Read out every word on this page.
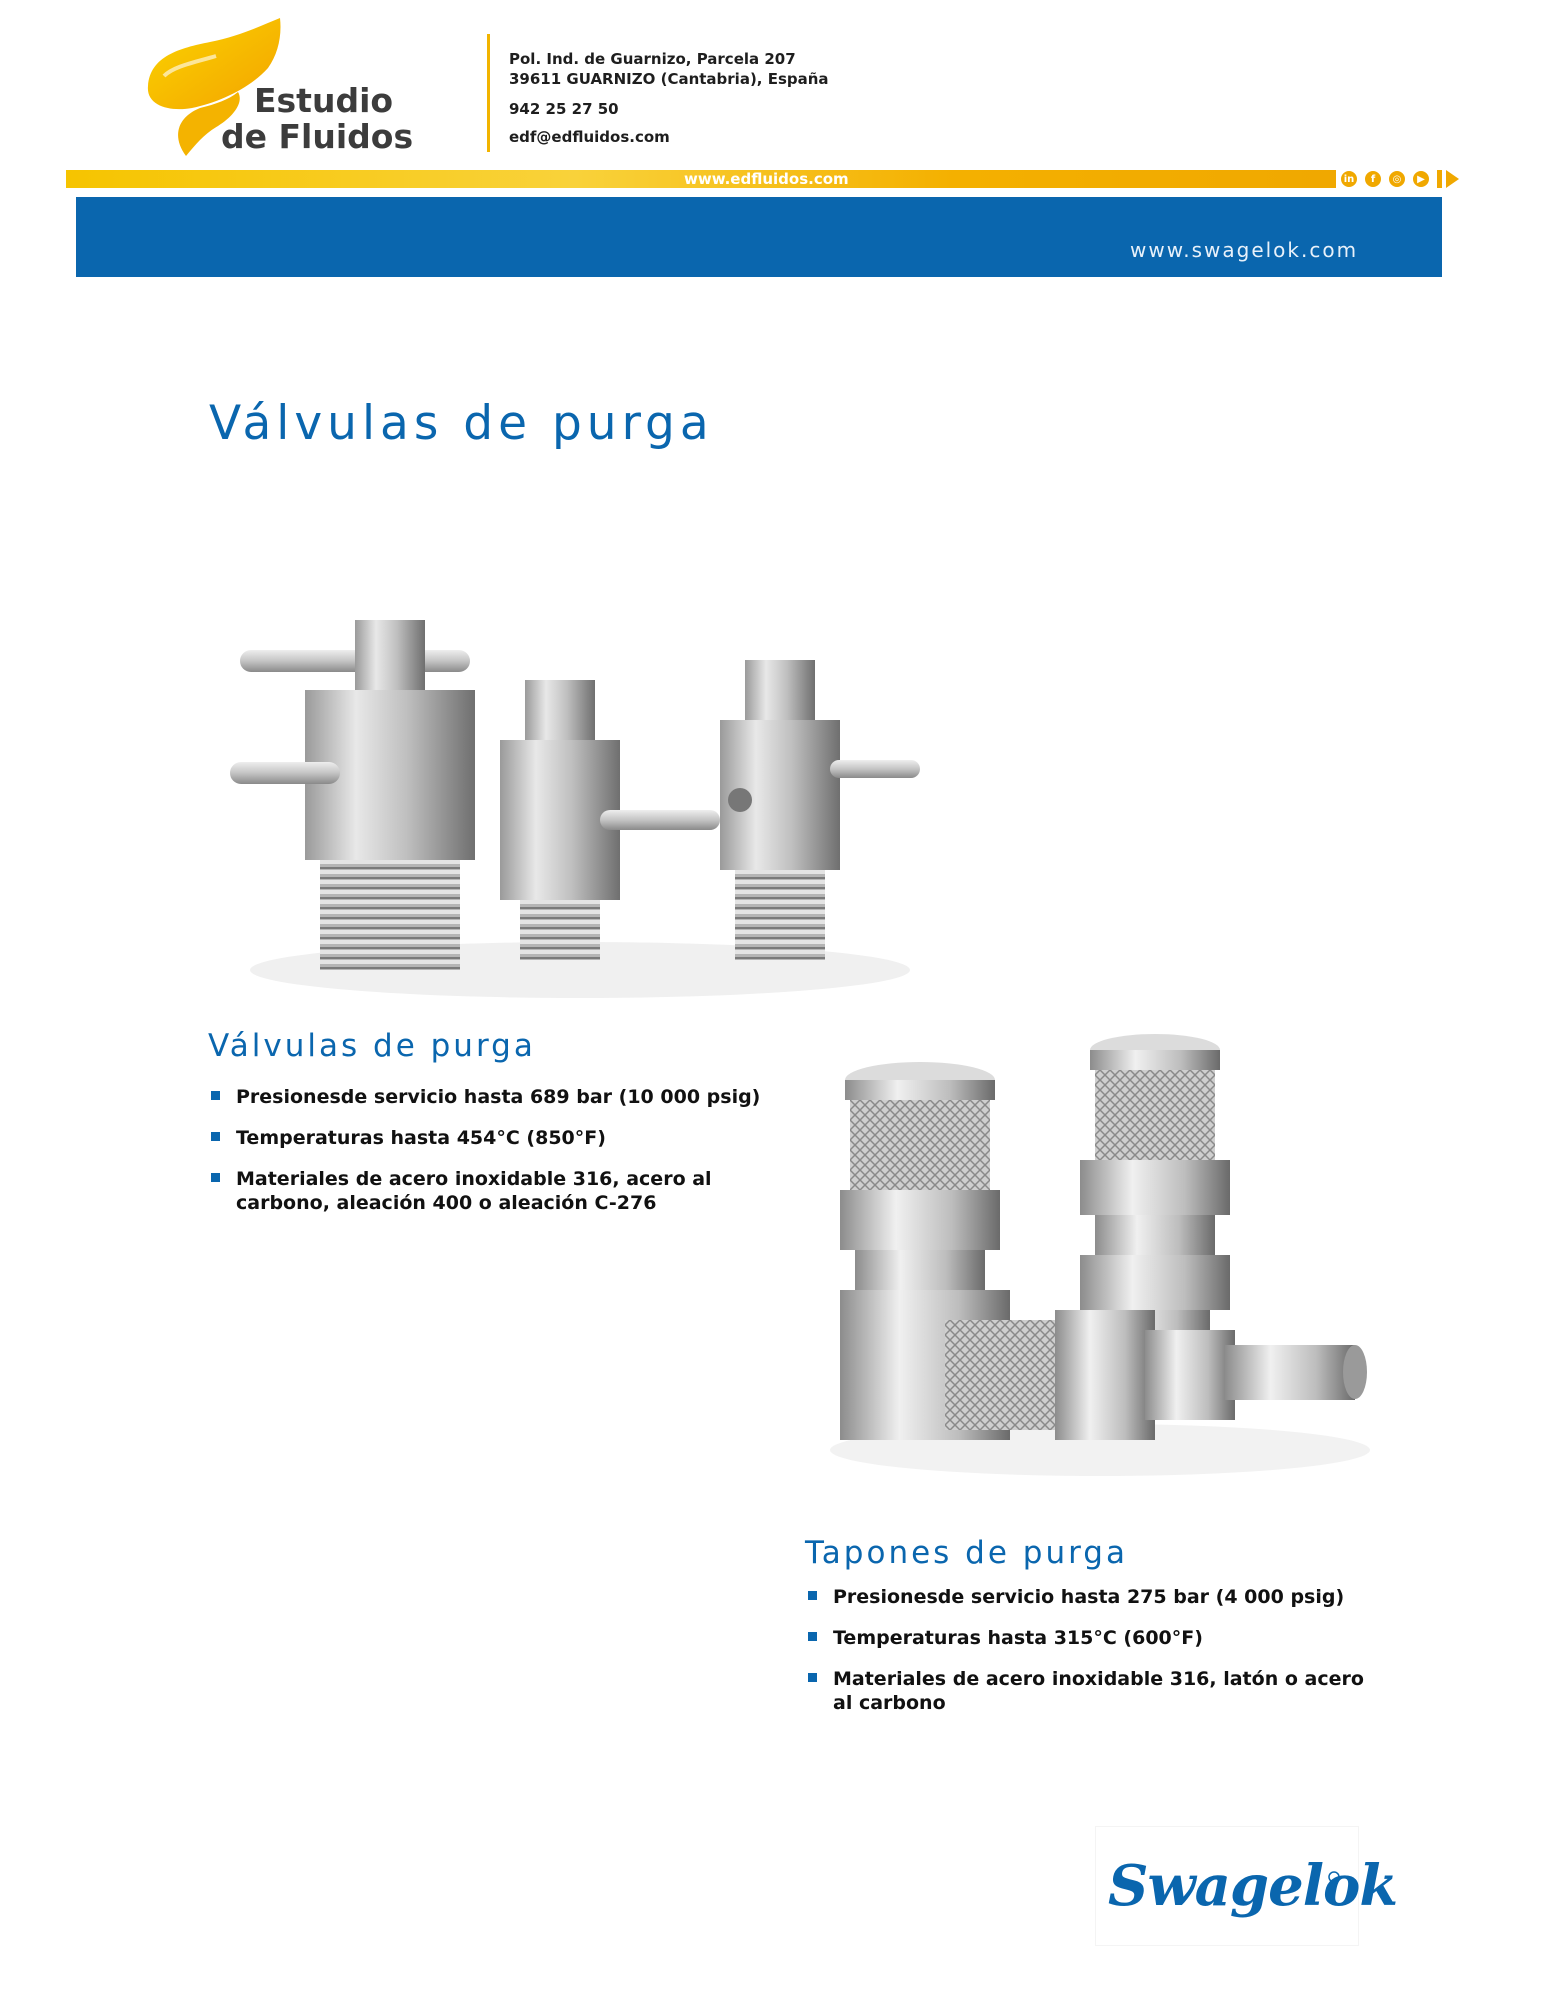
Estudio
de Fluidos
Pol. Ind. de Guarnizo, Parcela 207
39611 GUARNIZO (Cantabria), España
942 25 27 50
edf@edfluidos.com
www.edfluidos.com	in	f	◎	▶
www.swagelok.com
Válvulas de purga
Válvulas de purga
Presionesde servicio hasta 689 bar (10 000 psig)
Temperaturas hasta 454°C (850°F)
Materiales de acero inoxidable 316, acero al carbono, aleación 400 o aleación C-276
Tapones de purga
Presionesde servicio hasta 275 bar (4 000 psig)
Temperaturas hasta 315°C (600°F)
Materiales de acero inoxidable 316, latón o acero al carbono
Swagelok
